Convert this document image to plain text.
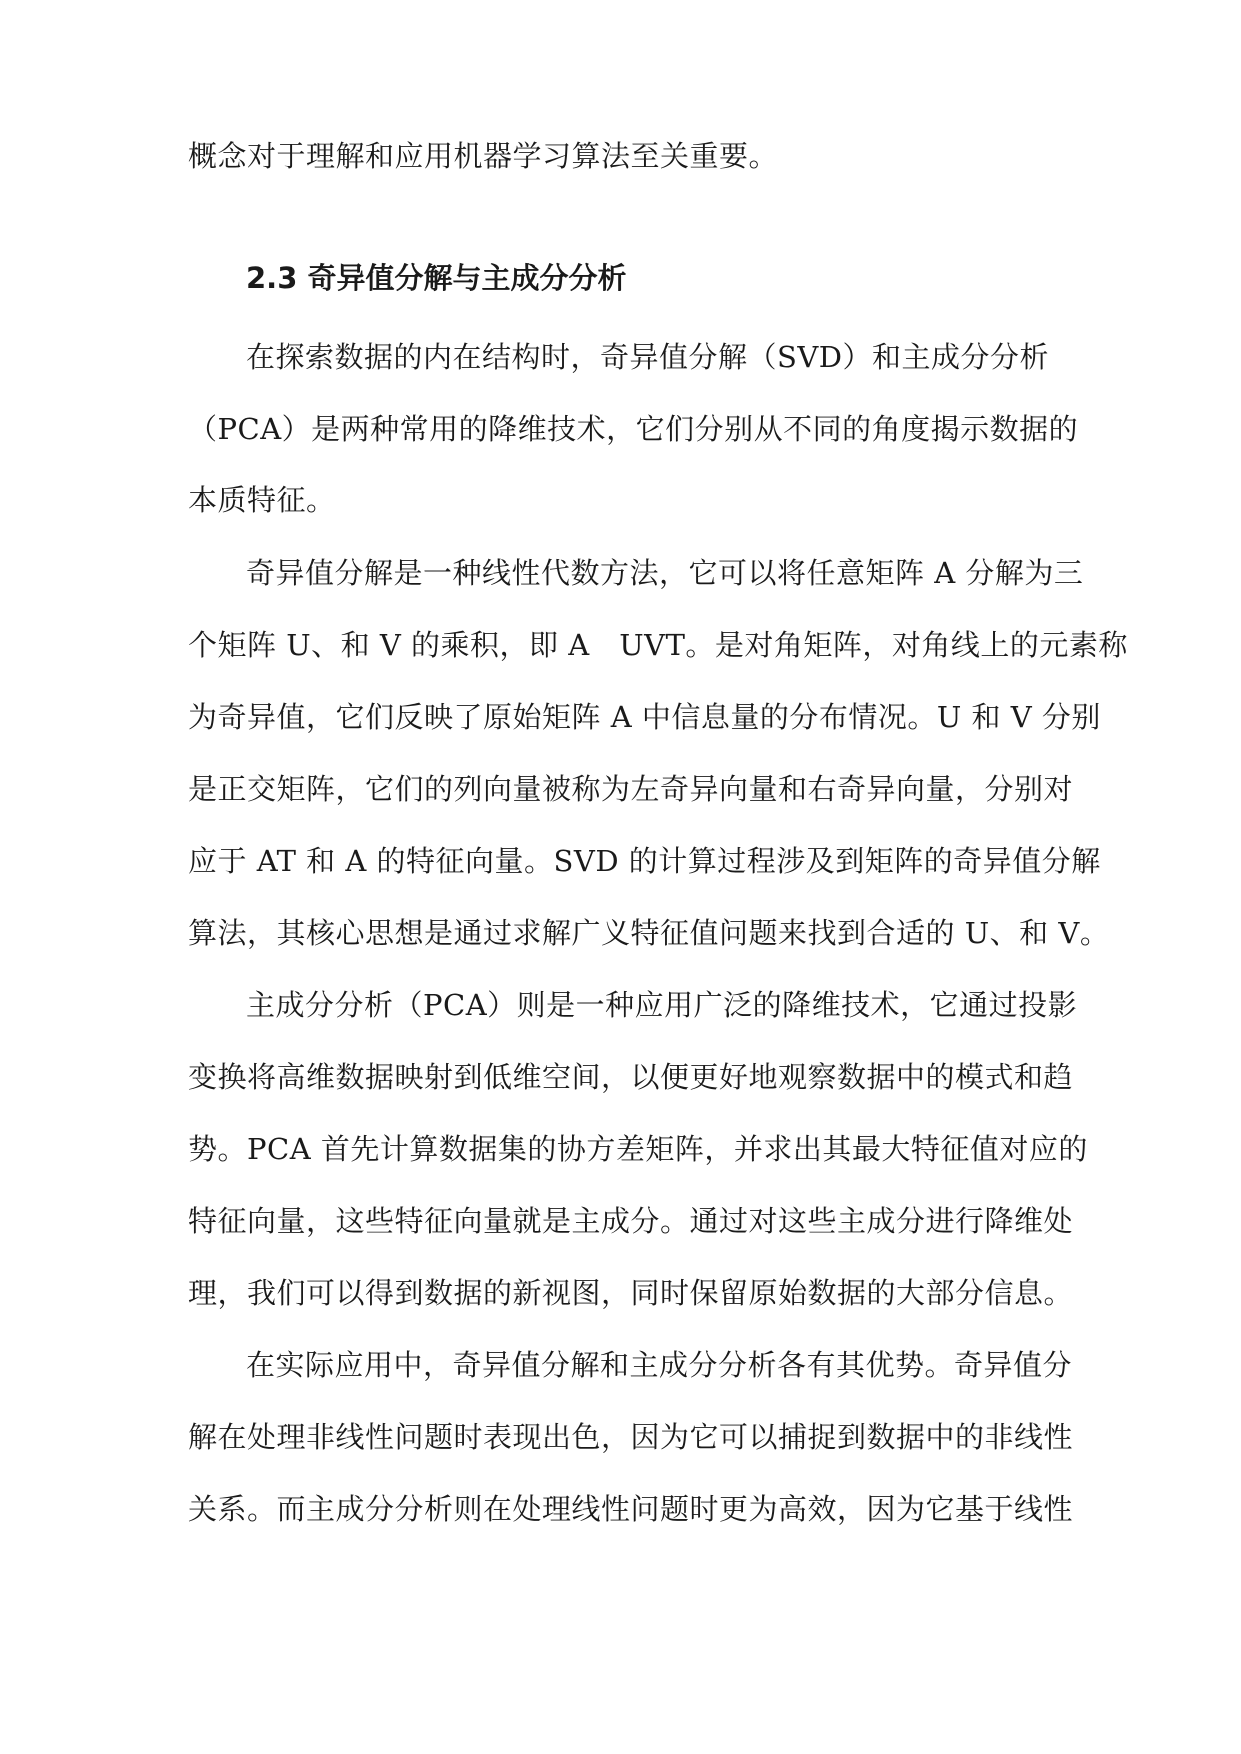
概念对于理解和应用机器学习算法至关重要。
2.3 奇异值分解与主成分分析
在探索数据的内在结构时，奇异值分解（SVD）和主成分分析
（PCA）是两种常用的降维技术，它们分别从不同的角度揭示数据的
本质特征。
奇异值分解是一种线性代数方法，它可以将任意矩阵 A 分解为三
个矩阵 U、和 V 的乘积，即 A　UVT。是对角矩阵，对角线上的元素称
为奇异值，它们反映了原始矩阵 A 中信息量的分布情况。U 和 V 分别
是正交矩阵，它们的列向量被称为左奇异向量和右奇异向量，分别对
应于 AT 和 A 的特征向量。SVD 的计算过程涉及到矩阵的奇异值分解
算法，其核心思想是通过求解广义特征值问题来找到合适的 U、和 V。
主成分分析（PCA）则是一种应用广泛的降维技术，它通过投影
变换将高维数据映射到低维空间，以便更好地观察数据中的模式和趋
势。PCA 首先计算数据集的协方差矩阵，并求出其最大特征值对应的
特征向量，这些特征向量就是主成分。通过对这些主成分进行降维处
理，我们可以得到数据的新视图，同时保留原始数据的大部分信息。
在实际应用中，奇异值分解和主成分分析各有其优势。奇异值分
解在处理非线性问题时表现出色，因为它可以捕捉到数据中的非线性
关系。而主成分分析则在处理线性问题时更为高效，因为它基于线性
